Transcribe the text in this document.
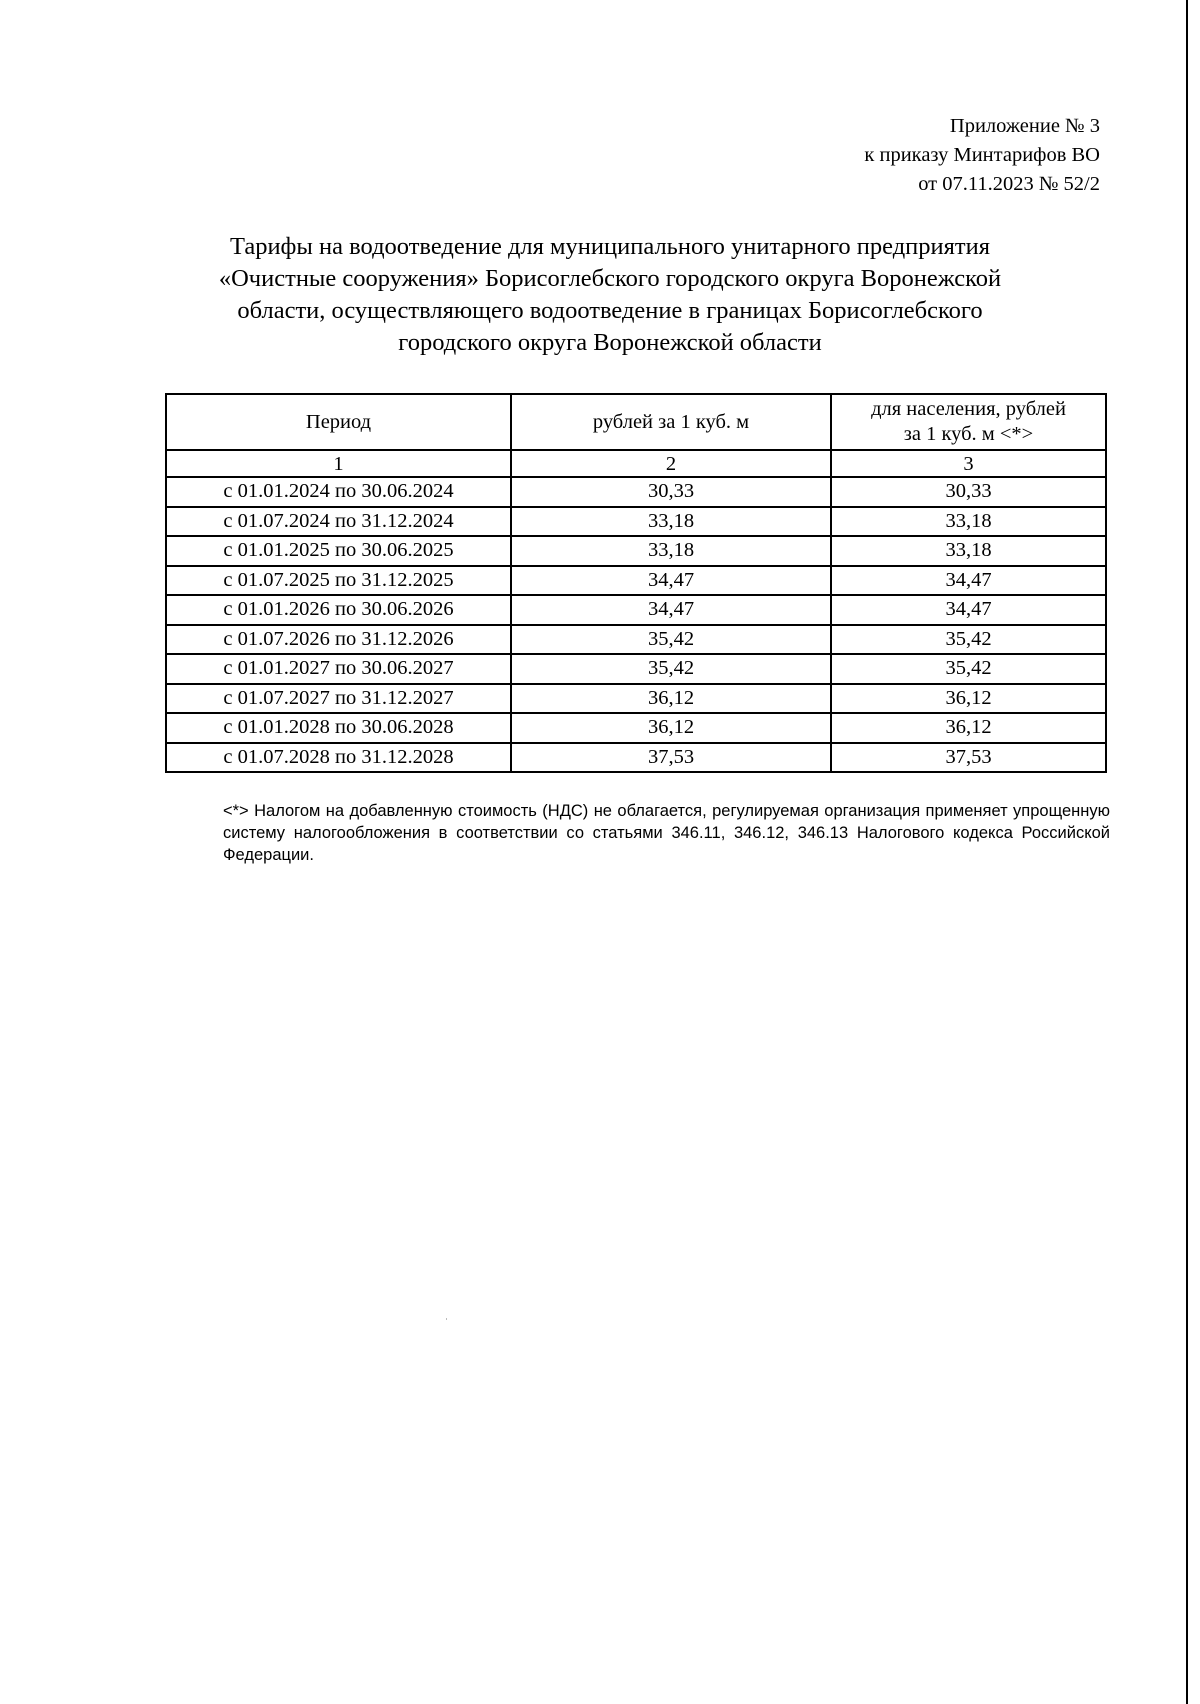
Приложение № 3
к приказу Минтарифов ВО
от 07.11.2023 № 52/2
Тарифы на водоотведение для муниципального унитарного предприятия
«Очистные сооружения» Борисоглебского городского округа Воронежской
области, осуществляющего водоотведение в границах Борисоглебского
городского округа Воронежской области
Период	рублей за 1 куб. м	для населения, рублей
за 1 куб. м <*>
1	2	3
с 01.01.2024 по 30.06.2024	30,33	30,33
с 01.07.2024 по 31.12.2024	33,18	33,18
с 01.01.2025 по 30.06.2025	33,18	33,18
с 01.07.2025 по 31.12.2025	34,47	34,47
с 01.01.2026 по 30.06.2026	34,47	34,47
с 01.07.2026 по 31.12.2026	35,42	35,42
с 01.01.2027 по 30.06.2027	35,42	35,42
с 01.07.2027 по 31.12.2027	36,12	36,12
с 01.01.2028 по 30.06.2028	36,12	36,12
с 01.07.2028 по 31.12.2028	37,53	37,53
<*> Налогом на добавленную стоимость (НДС) не облагается, регулируемая организация применяет упрощенную систему налогообложения в соответствии со статьями 346.11, 346.12, 346.13 Налогового кодекса Российской Федерации.
